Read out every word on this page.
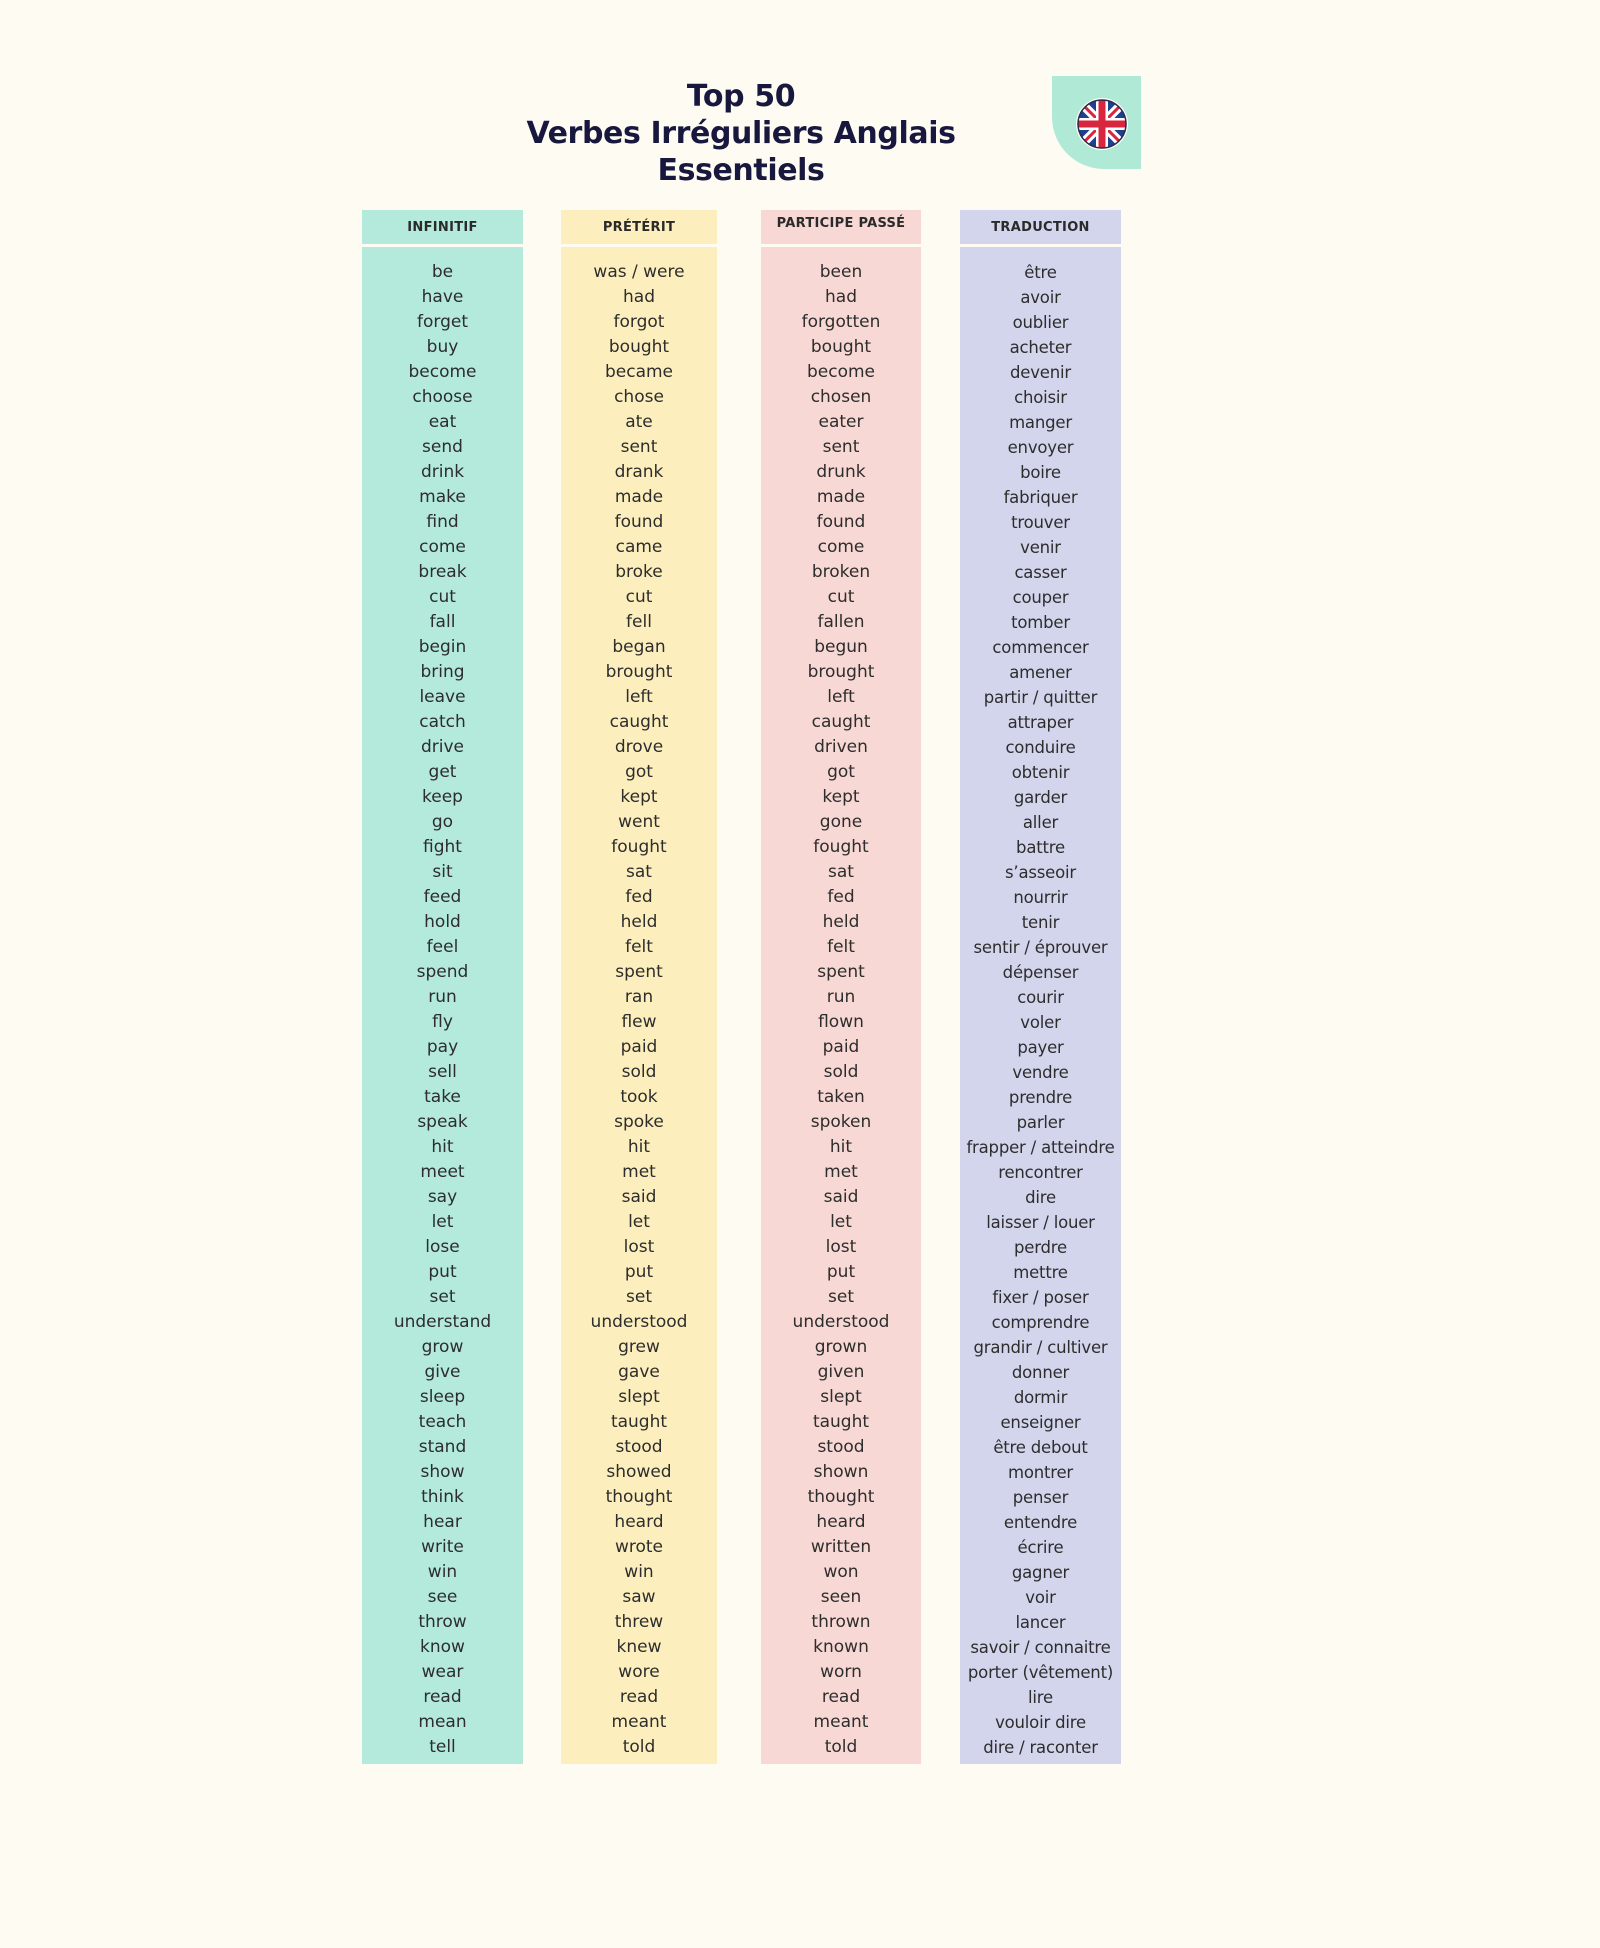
Top 50
Verbes Irréguliers Anglais
Essentiels
INFINITIF
be
have
forget
buy
become
choose
eat
send
drink
make
find
come
break
cut
fall
begin
bring
leave
catch
drive
get
keep
go
fight
sit
feed
hold
feel
spend
run
fly
pay
sell
take
speak
hit
meet
say
let
lose
put
set
understand
grow
give
sleep
teach
stand
show
think
hear
write
win
see
throw
know
wear
read
mean
tell
PRÉTÉRIT
was / were
had
forgot
bought
became
chose
ate
sent
drank
made
found
came
broke
cut
fell
began
brought
left
caught
drove
got
kept
went
fought
sat
fed
held
felt
spent
ran
flew
paid
sold
took
spoke
hit
met
said
let
lost
put
set
understood
grew
gave
slept
taught
stood
showed
thought
heard
wrote
win
saw
threw
knew
wore
read
meant
told
PARTICIPE PASSÉ
been
had
forgotten
bought
become
chosen
eater
sent
drunk
made
found
come
broken
cut
fallen
begun
brought
left
caught
driven
got
kept
gone
fought
sat
fed
held
felt
spent
run
flown
paid
sold
taken
spoken
hit
met
said
let
lost
put
set
understood
grown
given
slept
taught
stood
shown
thought
heard
written
won
seen
thrown
known
worn
read
meant
told
TRADUCTION
être
avoir
oublier
acheter
devenir
choisir
manger
envoyer
boire
fabriquer
trouver
venir
casser
couper
tomber
commencer
amener
partir / quitter
attraper
conduire
obtenir
garder
aller
battre
s’asseoir
nourrir
tenir
sentir / éprouver
dépenser
courir
voler
payer
vendre
prendre
parler
frapper / atteindre
rencontrer
dire
laisser / louer
perdre
mettre
fixer / poser
comprendre
grandir / cultiver
donner
dormir
enseigner
être debout
montrer
penser
entendre
écrire
gagner
voir
lancer
savoir / connaitre
porter (vêtement)
lire
vouloir dire
dire / raconter
